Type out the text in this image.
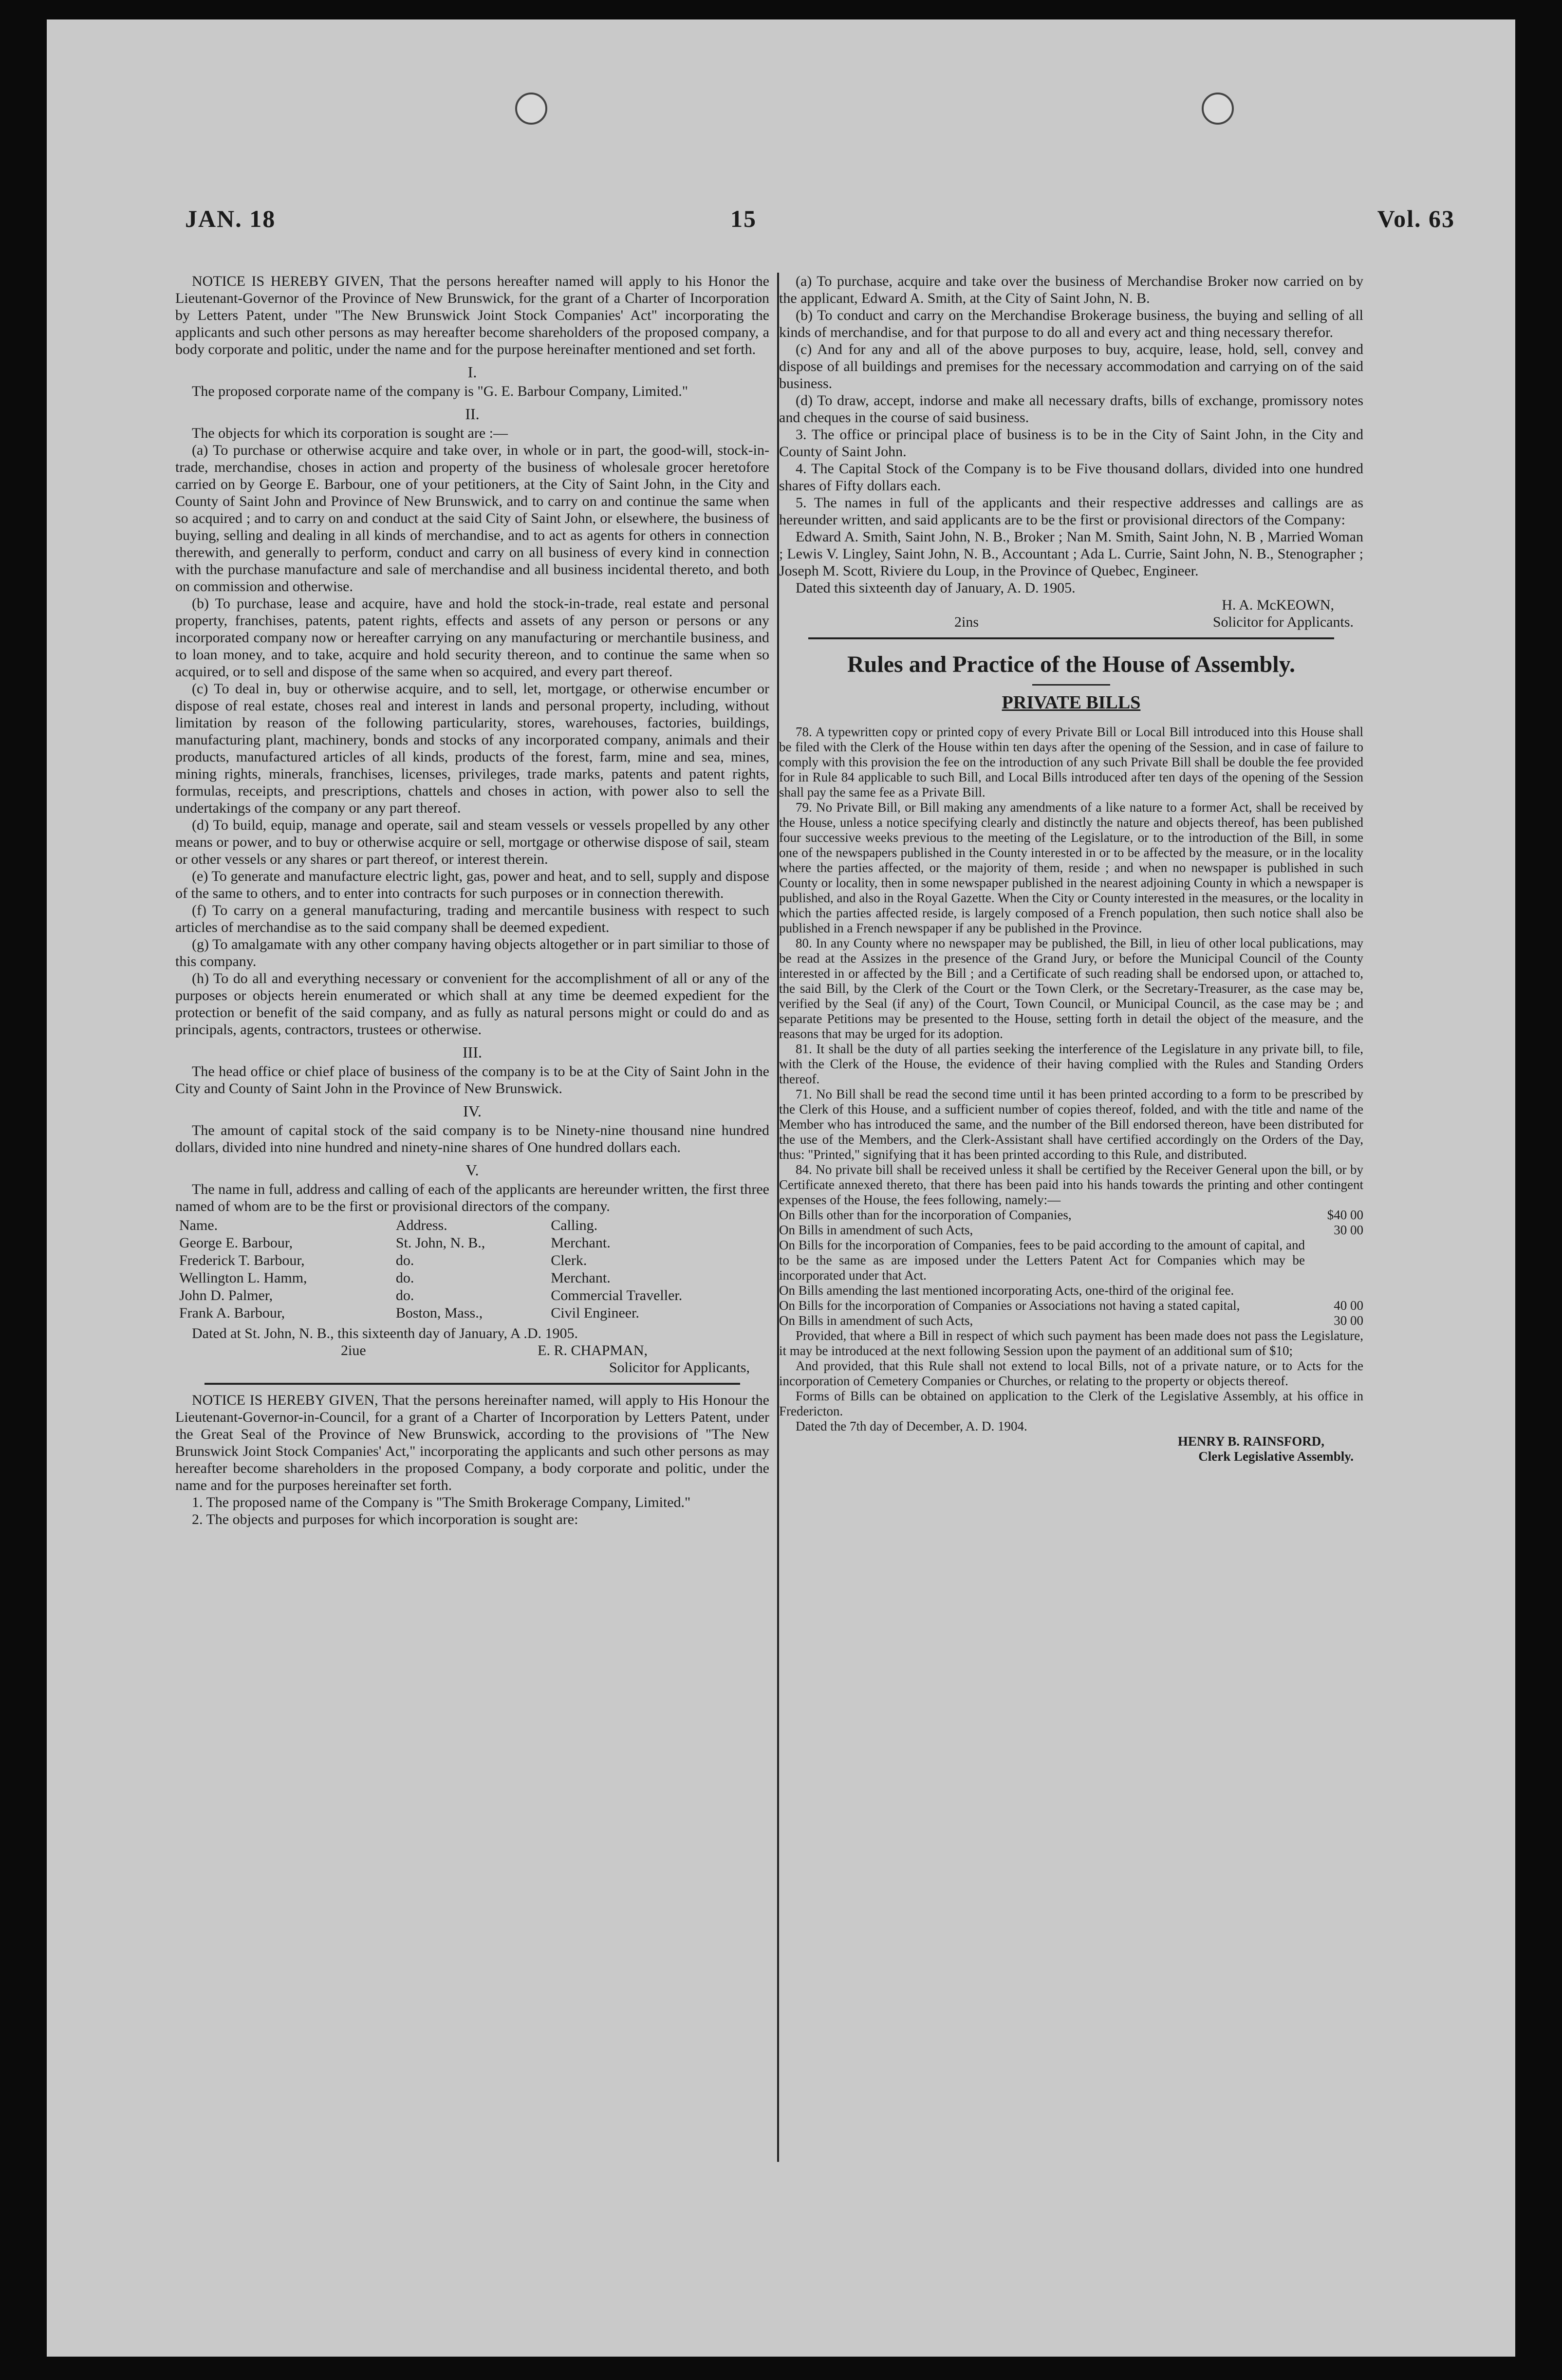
JAN. 18	15	Vol. 63

NOTICE IS HEREBY GIVEN, That the persons hereafter named will apply to his Honor the Lieutenant-Governor of the Province of New Brunswick, for the grant of a Charter of Incorporation by Letters Patent, under "The New Brunswick Joint Stock Companies' Act" incorporating the applicants and such other persons as may hereafter become shareholders of the proposed company, a body corporate and politic, under the name and for the purpose hereinafter mentioned and set forth.

I.

The proposed corporate name of the company is "G. E. Barbour Company, Limited."

II.

The objects for which its corporation is sought are :—

(a) To purchase or otherwise acquire and take over, in whole or in part, the good-will, stock-in-trade, merchandise, choses in action and property of the business of wholesale grocer heretofore carried on by George E. Barbour, one of your petitioners, at the City of Saint John, in the City and County of Saint John and Province of New Brunswick, and to carry on and continue the same when so acquired ; and to carry on and conduct at the said City of Saint John, or elsewhere, the business of buying, selling and dealing in all kinds of merchandise, and to act as agents for others in connection therewith, and generally to perform, conduct and carry on all business of every kind in connection with the purchase manufacture and sale of merchandise and all business incidental thereto, and both on commission and otherwise.

(b) To purchase, lease and acquire, have and hold the stock-in-trade, real estate and personal property, franchises, patents, patent rights, effects and assets of any person or persons or any incorporated company now or hereafter carrying on any manufacturing or merchantile business, and to loan money, and to take, acquire and hold security thereon, and to continue the same when so acquired, or to sell and dispose of the same when so acquired, and every part thereof.

(c) To deal in, buy or otherwise acquire, and to sell, let, mortgage, or otherwise encumber or dispose of real estate, choses real and interest in lands and personal property, including, without limitation by reason of the following particularity, stores, warehouses, factories, buildings, manufacturing plant, machinery, bonds and stocks of any incorporated company, animals and their products, manufactured articles of all kinds, products of the forest, farm, mine and sea, mines, mining rights, minerals, franchises, licenses, privileges, trade marks, patents and patent rights, formulas, receipts, and prescriptions, chattels and choses in action, with power also to sell the undertakings of the company or any part thereof.

(d) To build, equip, manage and operate, sail and steam vessels or vessels propelled by any other means or power, and to buy or otherwise acquire or sell, mortgage or otherwise dispose of sail, steam or other vessels or any shares or part thereof, or interest therein.

(e) To generate and manufacture electric light, gas, power and heat, and to sell, supply and dispose of the same to others, and to enter into contracts for such purposes or in connection therewith.

(f) To carry on a general manufacturing, trading and mercantile business with respect to such articles of merchandise as to the said company shall be deemed expedient.

(g) To amalgamate with any other company having objects altogether or in part similiar to those of this company.

(h) To do all and everything necessary or convenient for the accomplishment of all or any of the purposes or objects herein enumerated or which shall at any time be deemed expedient for the protection or benefit of the said company, and as fully as natural persons might or could do and as principals, agents, contractors, trustees or otherwise.

III.

The head office or chief place of business of the company is to be at the City of Saint John in the City and County of Saint John in the Province of New Brunswick.

IV.

The amount of capital stock of the said company is to be Ninety-nine thousand nine hundred dollars, divided into nine hundred and ninety-nine shares of One hundred dollars each.

V.

The name in full, address and calling of each of the applicants are hereunder written, the first three named of whom are to be the first or provisional directors of the company.

Name.	Address.	Calling.
George E. Barbour,	St. John, N. B.,	Merchant.
Frederick T. Barbour,	do.	Clerk.
Wellington L. Hamm,	do.	Merchant.
John D. Palmer,	do.	Commercial Traveller.
Frank A. Barbour,	Boston, Mass.,	Civil Engineer.

Dated at St. John, N. B., this sixteenth day of January, A .D. 1905.

2iue	E. R. CHAPMAN,

Solicitor for Applicants,

NOTICE IS HEREBY GIVEN, That the persons hereinafter named, will apply to His Honour the Lieutenant-Governor-in-Council, for a grant of a Charter of Incorporation by Letters Patent, under the Great Seal of the Province of New Brunswick, according to the provisions of "The New Brunswick Joint Stock Companies' Act," incorporating the applicants and such other persons as may hereafter become shareholders in the proposed Company, a body corporate and politic, under the name and for the purposes hereinafter set forth.

1. The proposed name of the Company is "The Smith Brokerage Company, Limited."

2. The objects and purposes for which incorporation is sought are:

(a) To purchase, acquire and take over the business of Merchandise Broker now carried on by the applicant, Edward A. Smith, at the City of Saint John, N. B.

(b) To conduct and carry on the Merchandise Brokerage business, the buying and selling of all kinds of merchandise, and for that purpose to do all and every act and thing necessary therefor.

(c) And for any and all of the above purposes to buy, acquire, lease, hold, sell, convey and dispose of all buildings and premises for the necessary accommodation and carrying on of the said business.

(d) To draw, accept, indorse and make all necessary drafts, bills of exchange, promissory notes and cheques in the course of said business.

3. The office or principal place of business is to be in the City of Saint John, in the City and County of Saint John.

4. The Capital Stock of the Company is to be Five thousand dollars, divided into one hundred shares of Fifty dollars each.

5. The names in full of the applicants and their respective addresses and callings are as hereunder written, and said applicants are to be the first or provisional directors of the Company:

Edward A. Smith, Saint John, N. B., Broker ; Nan M. Smith, Saint John, N. B , Married Woman ; Lewis V. Lingley, Saint John, N. B., Accountant ; Ada L. Currie, Saint John, N. B., Stenographer ; Joseph M. Scott, Riviere du Loup, in the Province of Quebec, Engineer.

Dated this sixteenth day of January, A. D. 1905.

H. A. McKEOWN,

2ins	Solicitor for Applicants.

Rules and Practice of the House of Assembly.

PRIVATE BILLS

78. A typewritten copy or printed copy of every Private Bill or Local Bill introduced into this House shall be filed with the Clerk of the House within ten days after the opening of the Session, and in case of failure to comply with this provision the fee on the introduction of any such Private Bill shall be double the fee provided for in Rule 84 applicable to such Bill, and Local Bills introduced after ten days of the opening of the Session shall pay the same fee as a Private Bill.

79. No Private Bill, or Bill making any amendments of a like nature to a former Act, shall be received by the House, unless a notice specifying clearly and distinctly the nature and objects thereof, has been published four successive weeks previous to the meeting of the Legislature, or to the introduction of the Bill, in some one of the newspapers published in the County interested in or to be affected by the measure, or in the locality where the parties affected, or the majority of them, reside ; and when no newspaper is published in such County or locality, then in some newspaper published in the nearest adjoining County in which a newspaper is published, and also in the Royal Gazette. When the City or County interested in the measures, or the locality in which the parties affected reside, is largely composed of a French population, then such notice shall also be published in a French newspaper if any be published in the Province.

80. In any County where no newspaper may be published, the Bill, in lieu of other local publications, may be read at the Assizes in the presence of the Grand Jury, or before the Municipal Council of the County interested in or affected by the Bill ; and a Certificate of such reading shall be endorsed upon, or attached to, the said Bill, by the Clerk of the Court or the Town Clerk, or the Secretary-Treasurer, as the case may be, verified by the Seal (if any) of the Court, Town Council, or Municipal Council, as the case may be ; and separate Petitions may be presented to the House, setting forth in detail the object of the measure, and the reasons that may be urged for its adoption.

81. It shall be the duty of all parties seeking the interference of the Legislature in any private bill, to file, with the Clerk of the House, the evidence of their having complied with the Rules and Standing Orders thereof.

71. No Bill shall be read the second time until it has been printed according to a form to be prescribed by the Clerk of this House, and a sufficient number of copies thereof, folded, and with the title and name of the Member who has introduced the same, and the number of the Bill endorsed thereon, have been distributed for the use of the Members, and the Clerk-Assistant shall have certified accordingly on the Orders of the Day, thus: "Printed," signifying that it has been printed according to this Rule, and distributed.

84. No private bill shall be received unless it shall be certified by the Receiver General upon the bill, or by Certificate annexed thereto, that there has been paid into his hands towards the printing and other contingent expenses of the House, the fees following, namely:—

On Bills other than for the incorporation of Companies,	$40 00
On Bills in amendment of such Acts,	30 00
On Bills for the incorporation of Companies, fees to be paid according to the amount of capital, and to be the same as are imposed under the Letters Patent Act for Companies which may be incorporated under that Act.	
On Bills amending the last mentioned incorporating Acts, one-third of the original fee.	
On Bills for the incorporation of Companies or Associations not having a stated capital,	40 00
On Bills in amendment of such Acts,	30 00

Provided, that where a Bill in respect of which such payment has been made does not pass the Legislature, it may be introduced at the next following Session upon the payment of an additional sum of $10;

And provided, that this Rule shall not extend to local Bills, not of a private nature, or to Acts for the incorporation of Cemetery Companies or Churches, or relating to the property or objects thereof.

Forms of Bills can be obtained on application to the Clerk of the Legislative Assembly, at his office in Fredericton.

Dated the 7th day of December, A. D. 1904.

HENRY B. RAINSFORD,

Clerk Legislative Assembly.
